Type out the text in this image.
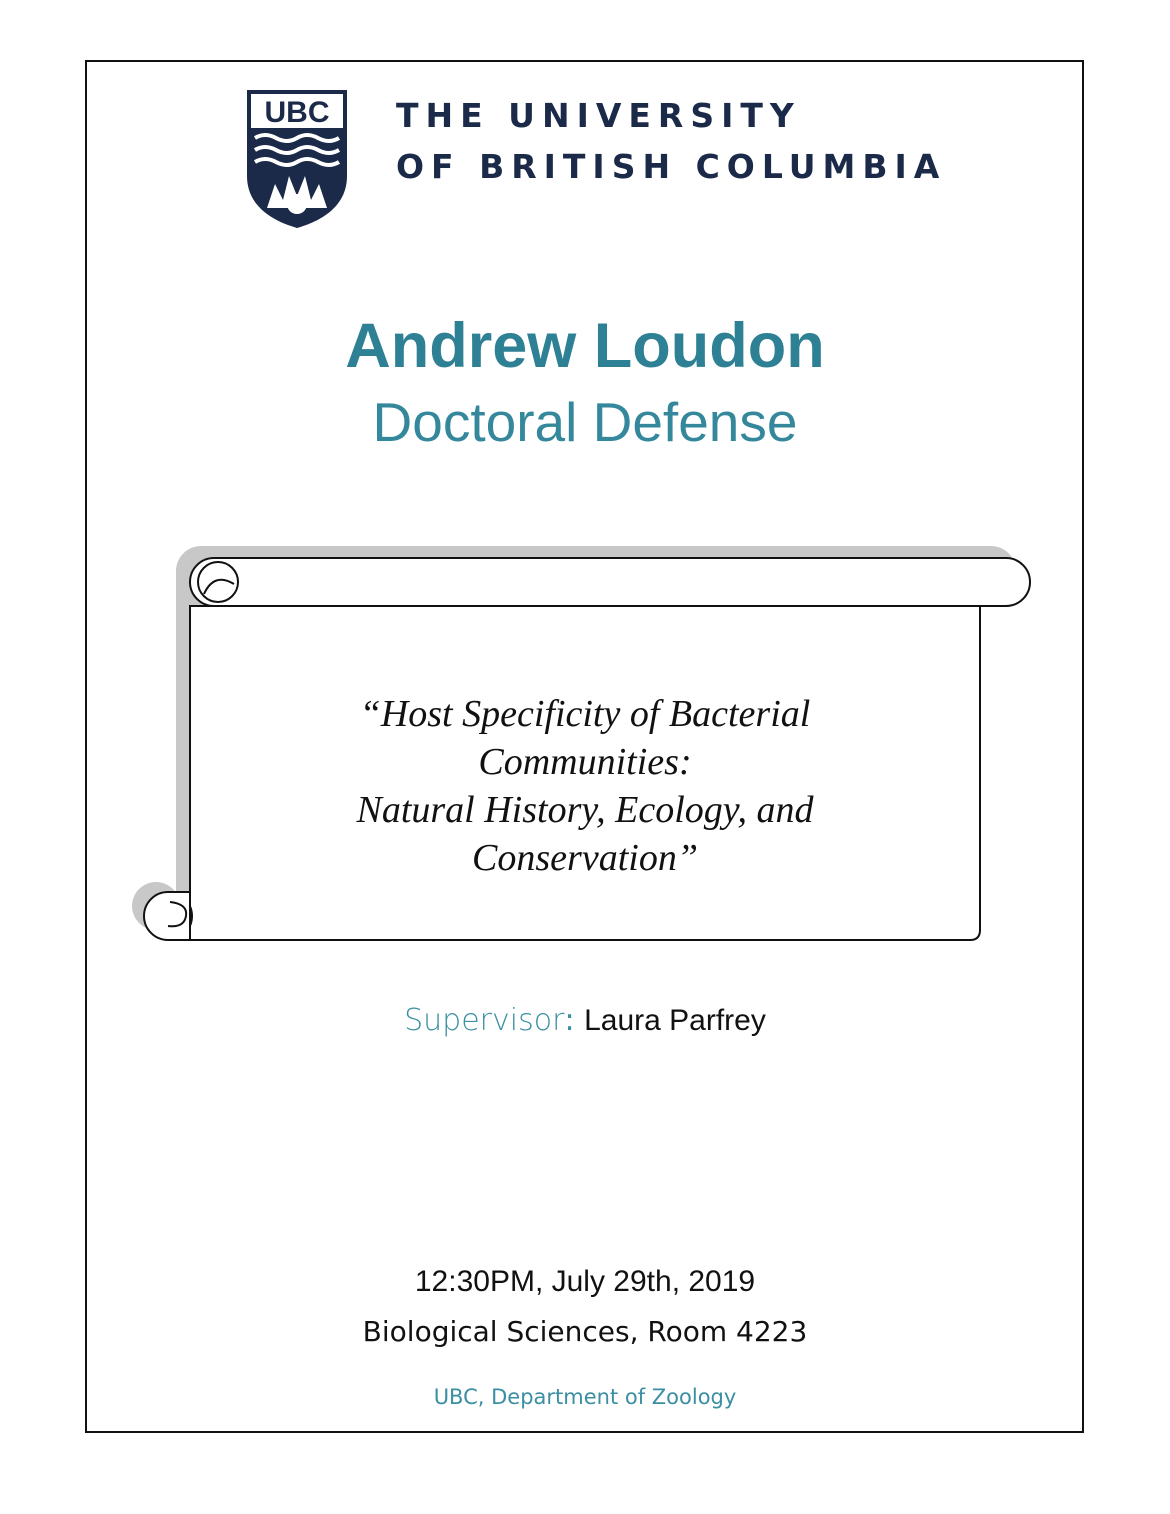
UBC THE UNIVERSITY
OF BRITISH COLUMBIA
Andrew Loudon
Doctoral Defense
“Host Specificity of Bacterial
Communities:
Natural History, Ecology, and
Conservation”
Supervisor: Laura Parfrey
12:30PM, July 29th, 2019
Biological Sciences, Room 4223
UBC, Department of Zoology
